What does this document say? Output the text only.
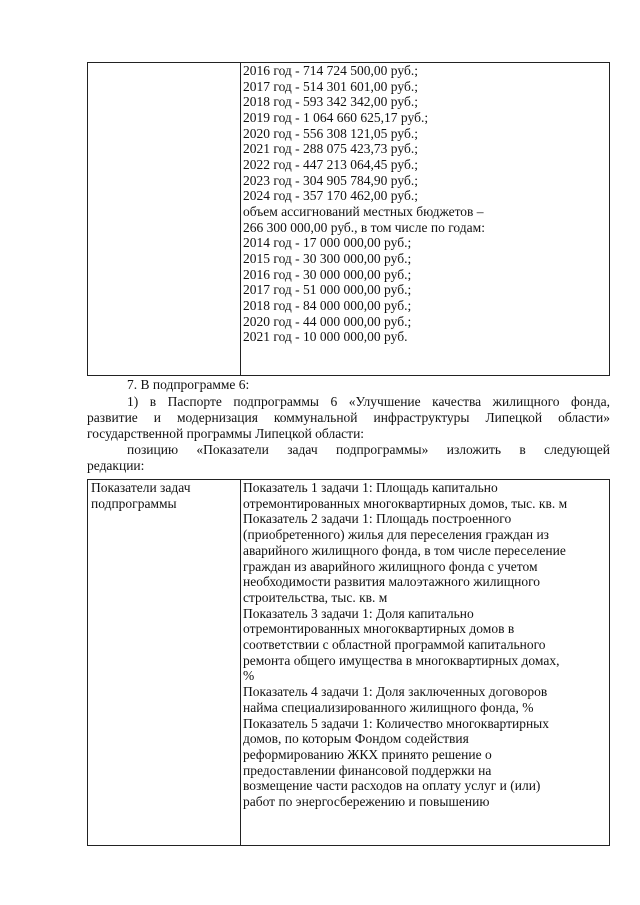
2016 год - 714 724 500,00 руб.;
2017 год - 514 301 601,00 руб.;
2018 год - 593 342 342,00 руб.;
2019 год - 1 064 660 625,17 руб.;
2020 год - 556 308 121,05 руб.;
2021 год - 288 075 423,73 руб.;
2022 год - 447 213 064,45 руб.;
2023 год - 304 905 784,90 руб.;
2024 год - 357 170 462,00 руб.;
объем ассигнований местных бюджетов –
266 300 000,00 руб., в том числе по годам:
2014 год - 17 000 000,00 руб.;
2015 год - 30 300 000,00 руб.;
2016 год - 30 000 000,00 руб.;
2017 год - 51 000 000,00 руб.;
2018 год - 84 000 000,00 руб.;
2020 год - 44 000 000,00 руб.;
2021 год - 10 000 000,00 руб.
7. В подпрограмме 6:
1) в Паспорте подпрограммы 6 «Улучшение качества жилищного фонда,
развитие и модернизация коммунальной инфраструктуры Липецкой области»
государственной программы Липецкой области:
позицию «Показатели задач подпрограммы» изложить в следующей
редакции:
Показатели задач
подпрограммы
Показатель 1 задачи 1: Площадь капитально
отремонтированных многоквартирных домов, тыс. кв. м
Показатель 2 задачи 1: Площадь построенного
(приобретенного) жилья для переселения граждан из
аварийного жилищного фонда, в том числе переселение
граждан из аварийного жилищного фонда с учетом
необходимости развития малоэтажного жилищного
строительства, тыс. кв. м
Показатель 3 задачи 1: Доля капитально
отремонтированных многоквартирных домов в
соответствии с областной программой капитального
ремонта общего имущества в многоквартирных домах,
%
Показатель 4 задачи 1: Доля заключенных договоров
найма специализированного жилищного фонда, %
Показатель 5 задачи 1: Количество многоквартирных
домов, по которым Фондом содействия
реформированию ЖКХ принято решение о
предоставлении финансовой поддержки на
возмещение части расходов на оплату услуг и (или)
работ по энергосбережению и повышению
